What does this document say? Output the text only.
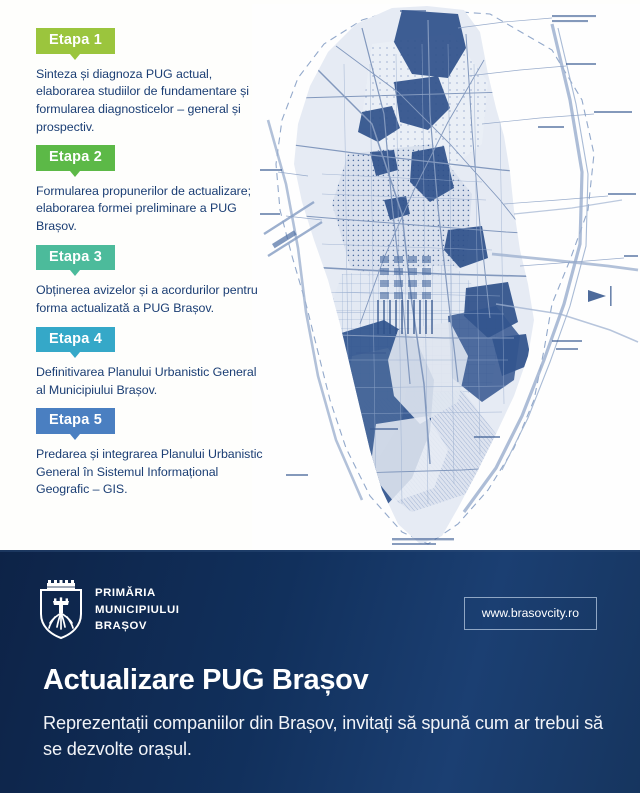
Etapa 1
Sinteza și diagnoza PUG actual, elaborarea studiilor de fundamentare și formularea diagnosticelor – general și prospectiv.
Etapa 2
Formularea propunerilor de actualizare; elaborarea formei preliminare a PUG Brașov.
Etapa 3
Obținerea avizelor și a acordurilor pentru forma actualizată a PUG Brașov.
Etapa 4
Definitivarea Planului Urbanistic General al Municipiului Brașov.
Etapa 5
Predarea și integrarea Planului Urbanistic General în Sistemul Informațional Geografic – GIS.
PRIMĂRIA
MUNICIPIULUI
BRAȘOV
www.brasovcity.ro
Actualizare PUG Brașov
Reprezentații companiilor din Brașov, invitați să spună cum ar trebui să se dezvolte orașul.
